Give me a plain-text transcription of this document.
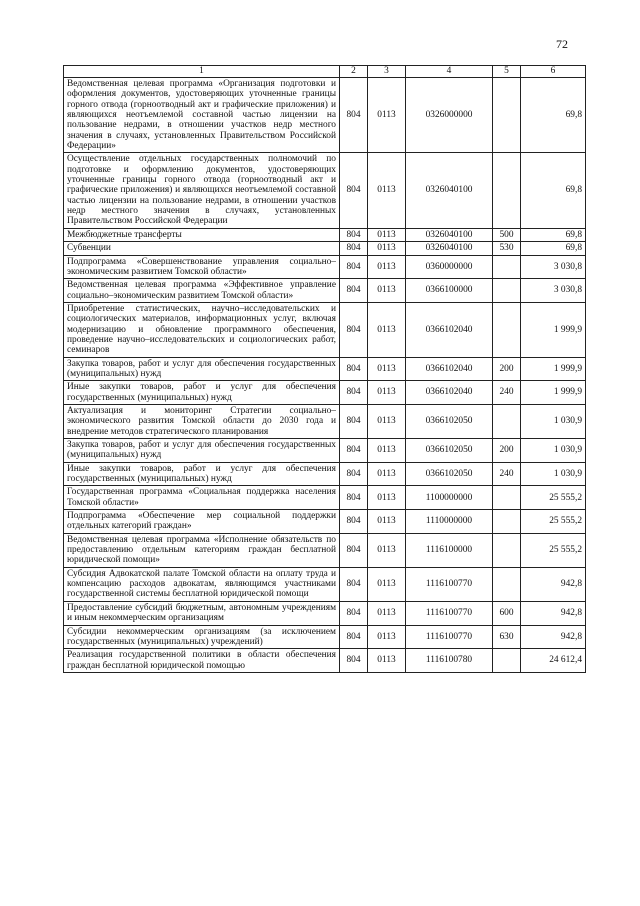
72
1	2	3	4	5	6
Ведомственная целевая программа «Организация подготовки и оформления документов, удостоверяющих уточненные границы горного отвода (горноотводный акт и графические приложения) и являющихся неотъемлемой составной частью лицензии на пользование недрами, в отношении участков недр местного значения в случаях, установленных Правительством Российской Федерации»	804	0113	0326000000		69,8
Осуществление отдельных государственных полномочий по подготовке и оформлению документов, удостоверяющих уточненные границы горного отвода (горноотводный акт и графические приложения) и являющихся неотъемлемой составной частью лицензии на пользование недрами, в отношении участков недр местного значения в случаях, установленных Правительством Российской Федерации	804	0113	0326040100		69,8
Межбюджетные трансферты	804	0113	0326040100	500	69,8
Субвенции	804	0113	0326040100	530	69,8
Подпрограмма «Совершенствование управления социально–экономическим развитием Томской области»	804	0113	0360000000		3 030,8
Ведомственная целевая программа «Эффективное управление социально–экономическим развитием Томской области»	804	0113	0366100000		3 030,8
Приобретение статистических, научно–исследовательских и социологических материалов, информационных услуг, включая модернизацию и обновление программного обеспечения, проведение научно–исследовательских и социологических работ, семинаров	804	0113	0366102040		1 999,9
Закупка товаров, работ и услуг для обеспечения государственных (муниципальных) нужд	804	0113	0366102040	200	1 999,9
Иные закупки товаров, работ и услуг для обеспечения государственных (муниципальных) нужд	804	0113	0366102040	240	1 999,9
Актуализация и мониторинг Стратегии социально–экономического развития Томской области до 2030 года и внедрение методов стратегического планирования	804	0113	0366102050		1 030,9
Закупка товаров, работ и услуг для обеспечения государственных (муниципальных) нужд	804	0113	0366102050	200	1 030,9
Иные закупки товаров, работ и услуг для обеспечения государственных (муниципальных) нужд	804	0113	0366102050	240	1 030,9
Государственная программа «Социальная поддержка населения Томской области»	804	0113	1100000000		25 555,2
Подпрограмма «Обеспечение мер социальной поддержки отдельных категорий граждан»	804	0113	1110000000		25 555,2
Ведомственная целевая программа «Исполнение обязательств по предоставлению отдельным категориям граждан бесплатной юридической помощи»	804	0113	1116100000		25 555,2
Субсидия Адвокатской палате Томской области на оплату труда и компенсацию расходов адвокатам, являющимся участниками государственной системы бесплатной юридической помощи	804	0113	1116100770		942,8
Предоставление субсидий бюджетным, автономным учреждениям и иным некоммерческим организациям	804	0113	1116100770	600	942,8
Субсидии некоммерческим организациям (за исключением государственных (муниципальных) учреждений)	804	0113	1116100770	630	942,8
Реализация государственной политики в области обеспечения граждан бесплатной юридической помощью	804	0113	1116100780		24 612,4
